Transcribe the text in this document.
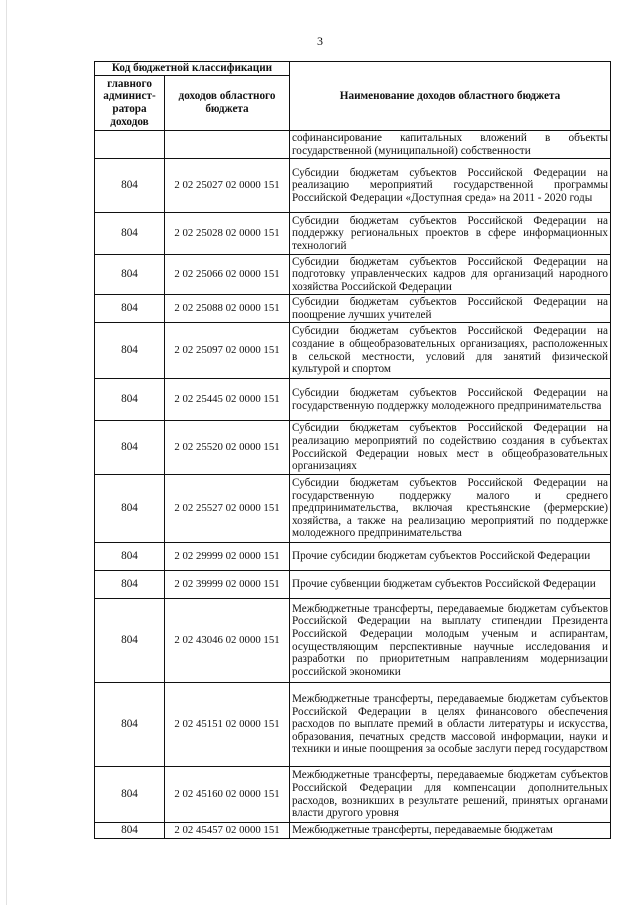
3
Код бюджетной классификации		Наименование доходов областного бюджета
главного админист-ратора доходов	доходов областного бюджета	
		софинансирование капитальных вложений в объекты государственной (муниципальной) собственности
804	2 02 25027 02 0000 151	Субсидии бюджетам субъектов Российской Федерации на реализацию мероприятий государственной программы Российской Федерации «Доступная среда» на 2011 - 2020 годы
804	2 02 25028 02 0000 151	Субсидии бюджетам субъектов Российской Федерации на поддержку региональных проектов в сфере информационных технологий
804	2 02 25066 02 0000 151	Субсидии бюджетам субъектов Российской Федерации на подготовку управленческих кадров для организаций народного хозяйства Российской Федерации
804	2 02 25088 02 0000 151	Субсидии бюджетам субъектов Российской Федерации на поощрение лучших учителей
804	2 02 25097 02 0000 151	Субсидии бюджетам субъектов Российской Федерации на создание в общеобразовательных организациях, расположенных в сельской местности, условий для занятий физической культурой и спортом
804	2 02 25445 02 0000 151	Субсидии бюджетам субъектов Российской Федерации на государственную поддержку молодежного предпринимательства
804	2 02 25520 02 0000 151	Субсидии бюджетам субъектов Российской Федерации на реализацию мероприятий по содействию создания в субъектах Российской Федерации новых мест в общеобразовательных организациях
804	2 02 25527 02 0000 151	Субсидии бюджетам субъектов Российской Федерации на государственную поддержку малого и среднего предпринимательства, включая крестьянские (фермерские) хозяйства, а также на реализацию мероприятий по поддержке молодежного предпринимательства
804	2 02 29999 02 0000 151	Прочие субсидии бюджетам субъектов Российской Федерации
804	2 02 39999 02 0000 151	Прочие субвенции бюджетам субъектов Российской Федерации
804	2 02 43046 02 0000 151	Межбюджетные трансферты, передаваемые бюджетам субъектов Российской Федерации на выплату стипендии Президента Российской Федерации молодым ученым и аспирантам, осуществляющим перспективные научные исследования и разработки по приоритетным направлениям модернизации российской экономики
804	2 02 45151 02 0000 151	Межбюджетные трансферты, передаваемые бюджетам субъектов Российской Федерации в целях финансового обеспечения расходов по выплате премий в области литературы и искусства, образования, печатных средств массовой информации, науки и техники и иные поощрения за особые заслуги перед государством
804	2 02 45160 02 0000 151	Межбюджетные трансферты, передаваемые бюджетам субъектов Российской Федерации для компенсации дополнительных расходов, возникших в результате решений, принятых органами власти другого уровня
804	2 02 45457 02 0000 151	Межбюджетные трансферты, передаваемые бюджетам
